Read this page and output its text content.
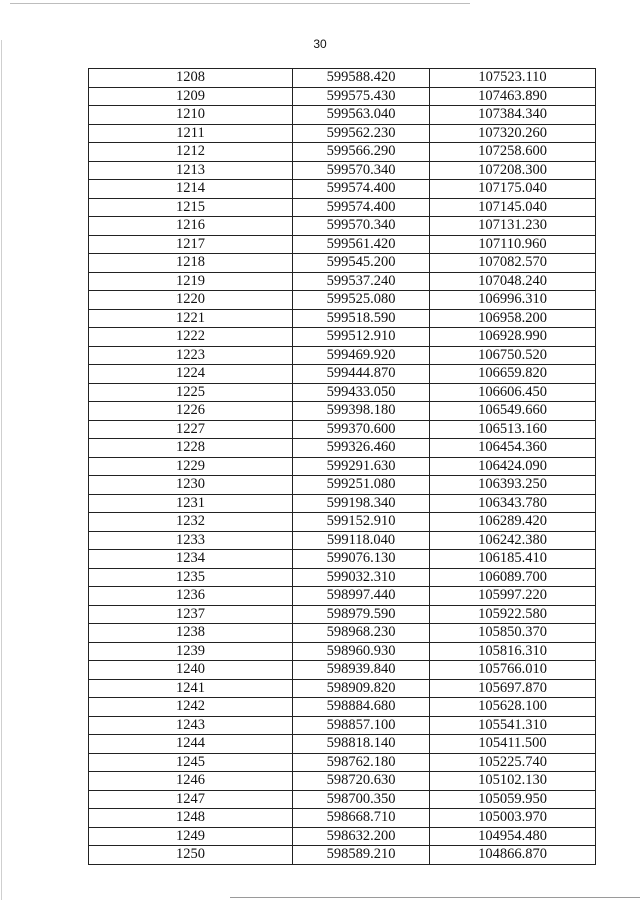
30
1208	599588.420	107523.110
1209	599575.430	107463.890
1210	599563.040	107384.340
1211	599562.230	107320.260
1212	599566.290	107258.600
1213	599570.340	107208.300
1214	599574.400	107175.040
1215	599574.400	107145.040
1216	599570.340	107131.230
1217	599561.420	107110.960
1218	599545.200	107082.570
1219	599537.240	107048.240
1220	599525.080	106996.310
1221	599518.590	106958.200
1222	599512.910	106928.990
1223	599469.920	106750.520
1224	599444.870	106659.820
1225	599433.050	106606.450
1226	599398.180	106549.660
1227	599370.600	106513.160
1228	599326.460	106454.360
1229	599291.630	106424.090
1230	599251.080	106393.250
1231	599198.340	106343.780
1232	599152.910	106289.420
1233	599118.040	106242.380
1234	599076.130	106185.410
1235	599032.310	106089.700
1236	598997.440	105997.220
1237	598979.590	105922.580
1238	598968.230	105850.370
1239	598960.930	105816.310
1240	598939.840	105766.010
1241	598909.820	105697.870
1242	598884.680	105628.100
1243	598857.100	105541.310
1244	598818.140	105411.500
1245	598762.180	105225.740
1246	598720.630	105102.130
1247	598700.350	105059.950
1248	598668.710	105003.970
1249	598632.200	104954.480
1250	598589.210	104866.870
